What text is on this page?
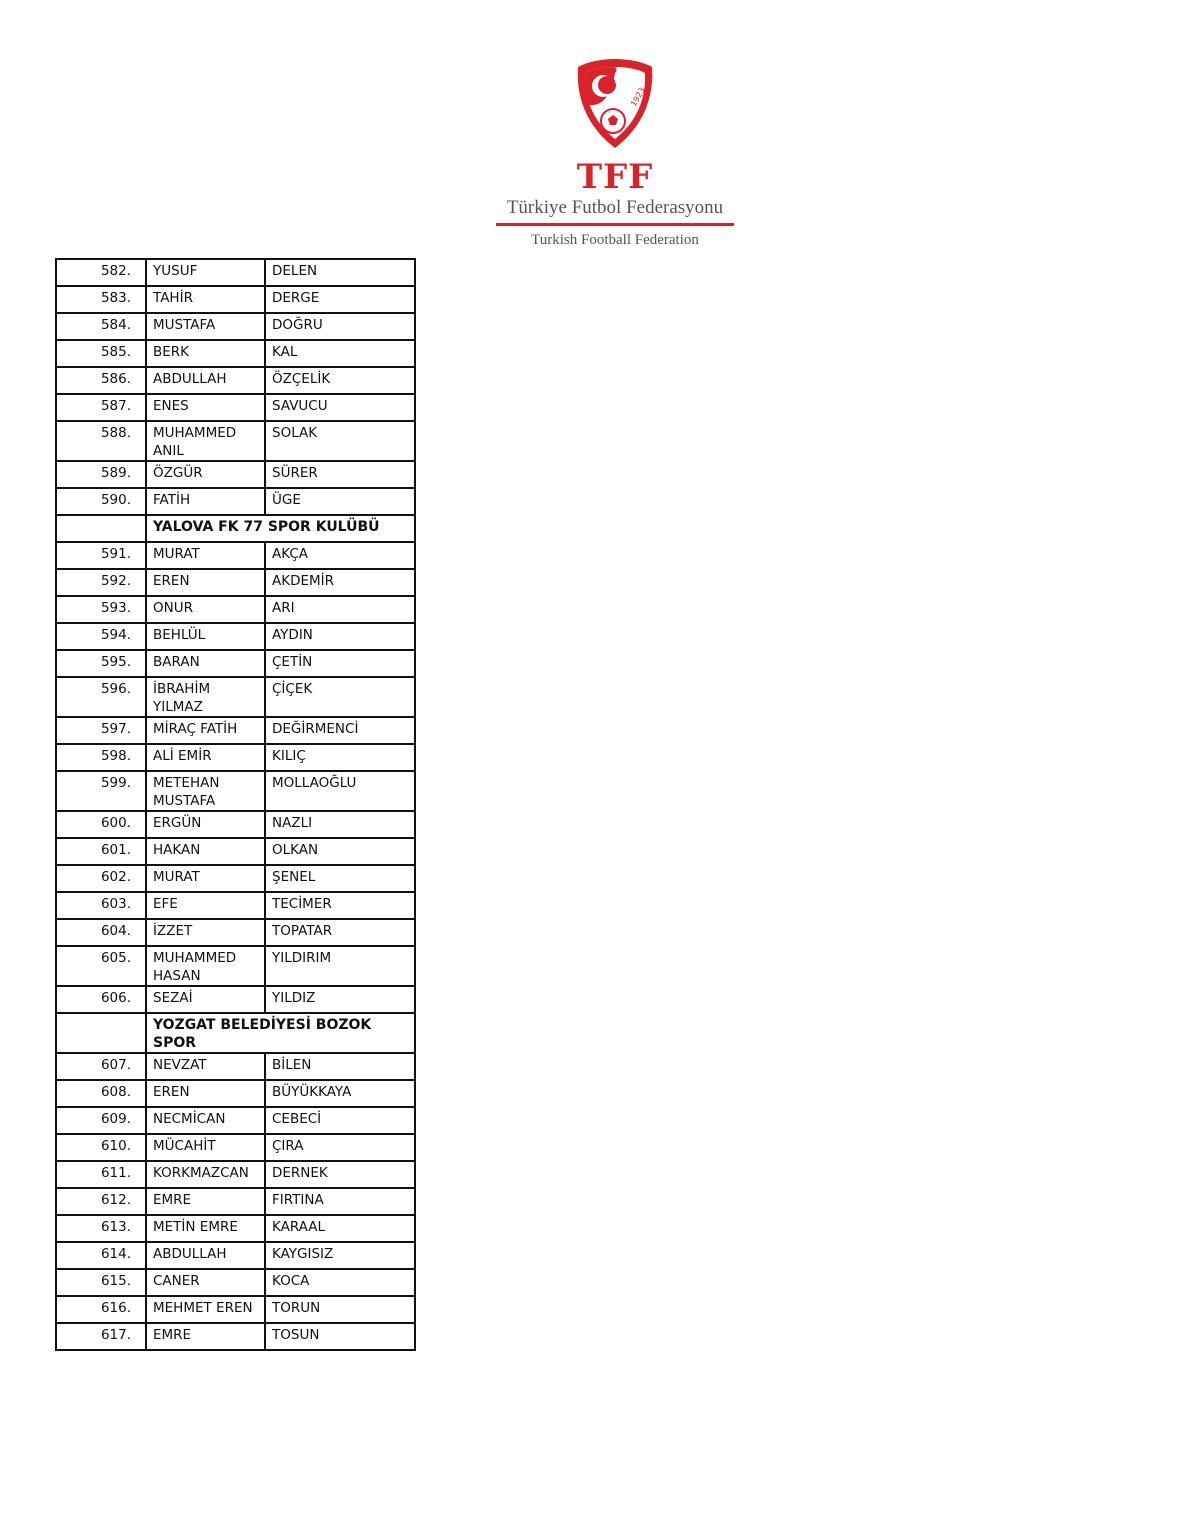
1923
TFF
Türkiye Futbol Federasyonu
Turkish Football Federation
582.	YUSUF	DELEN
583.	TAHİR	DERGE
584.	MUSTAFA	DOĞRU
585.	BERK	KAL
586.	ABDULLAH	ÖZÇELİK
587.	ENES	SAVUCU
588.	MUHAMMED ANIL	SOLAK
589.	ÖZGÜR	SÜRER
590.	FATİH	ÜGE
	YALOVA FK 77 SPOR KULÜBÜ	
591.	MURAT	AKÇA
592.	EREN	AKDEMİR
593.	ONUR	ARI
594.	BEHLÜL	AYDIN
595.	BARAN	ÇETİN
596.	İBRAHİM YILMAZ	ÇİÇEK
597.	MİRAÇ FATİH	DEĞİRMENCİ
598.	ALİ EMİR	KILIÇ
599.	METEHAN MUSTAFA	MOLLAOĞLU
600.	ERGÜN	NAZLI
601.	HAKAN	OLKAN
602.	MURAT	ŞENEL
603.	EFE	TECİMER
604.	İZZET	TOPATAR
605.	MUHAMMED HASAN	YILDIRIM
606.	SEZAİ	YILDIZ
	YOZGAT BELEDİYESİ BOZOK SPOR	
607.	NEVZAT	BİLEN
608.	EREN	BÜYÜKKAYA
609.	NECMİCAN	CEBECİ
610.	MÜCAHİT	ÇIRA
611.	KORKMAZCAN	DERNEK
612.	EMRE	FIRTINA
613.	METİN EMRE	KARAAL
614.	ABDULLAH	KAYGISIZ
615.	CANER	KOCA
616.	MEHMET EREN	TORUN
617.	EMRE	TOSUN
